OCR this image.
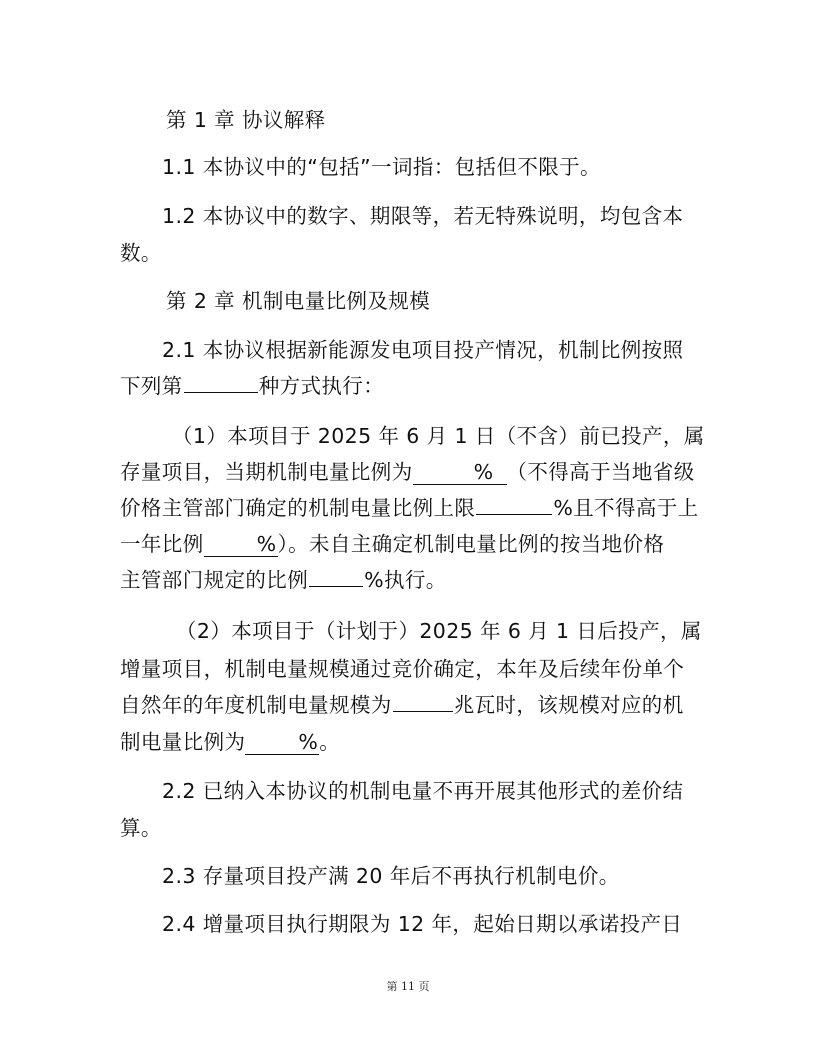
第 1 章 协议解释
1.1 本协议中的“包括”一词指：包括但不限于。
1.2 本协议中的数字、期限等，若无特殊说明，均包含本
数。
第 2 章 机制电量比例及规模
2.1 本协议根据新能源发电项目投产情况，机制比例按照
下列第	种方式执行：
（1）本项目于 2025 年 6 月 1 日（不含）前已投产，属
存量项目，当期机制电量比例为	% （不得高于当地省级
价格主管部门确定的机制电量比例上限	%且不得高于上
一年比例	%）。未自主确定机制电量比例的按当地价格
主管部门规定的比例	%执行。
（2）本项目于（计划于）2025 年 6 月 1 日后投产，属
增量项目，机制电量规模通过竞价确定，本年及后续年份单个
自然年的年度机制电量规模为	兆瓦时，该规模对应的机
制电量比例为	%。
2.2 已纳入本协议的机制电量不再开展其他形式的差价结
算。
2.3 存量项目投产满 20 年后不再执行机制电价。
2.4 增量项目执行期限为 12 年，起始日期以承诺投产日
第 11 页
